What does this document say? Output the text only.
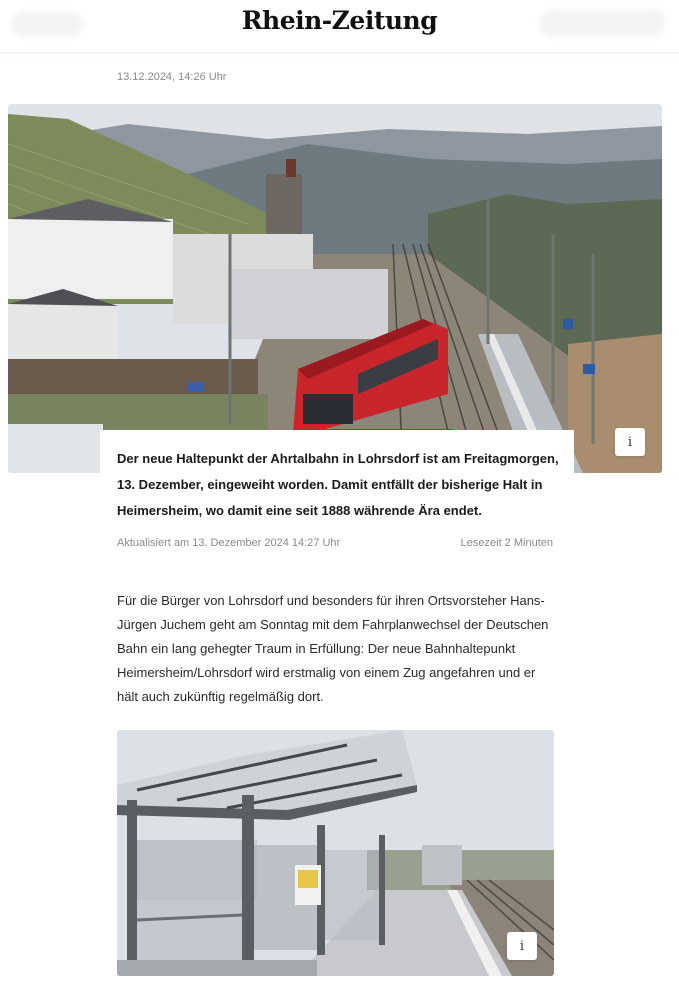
Rhein-Zeitung
13.12.2024, 14:26 Uhr
i
Der neue Haltepunkt der Ahrtalbahn in Lohrsdorf ist am Freitagmorgen, 13. Dezember, eingeweiht worden. Damit entfällt der bisherige Halt in Heimersheim, wo damit eine seit 1888 währende Ära endet.
Aktualisiert am 13. Dezember 2024 14:27 Uhr	Lesezeit 2 Minuten
Für die Bürger von Lohrsdorf und besonders für ihren Ortsvorsteher Hans-Jürgen Juchem geht am Sonntag mit dem Fahrplanwechsel der Deutschen Bahn ein lang gehegter Traum in Erfüllung: Der neue Bahnhaltepunkt Heimersheim/Lohrsdorf wird erstmalig von einem Zug angefahren und er hält auch zukünftig regelmäßig dort.
i
